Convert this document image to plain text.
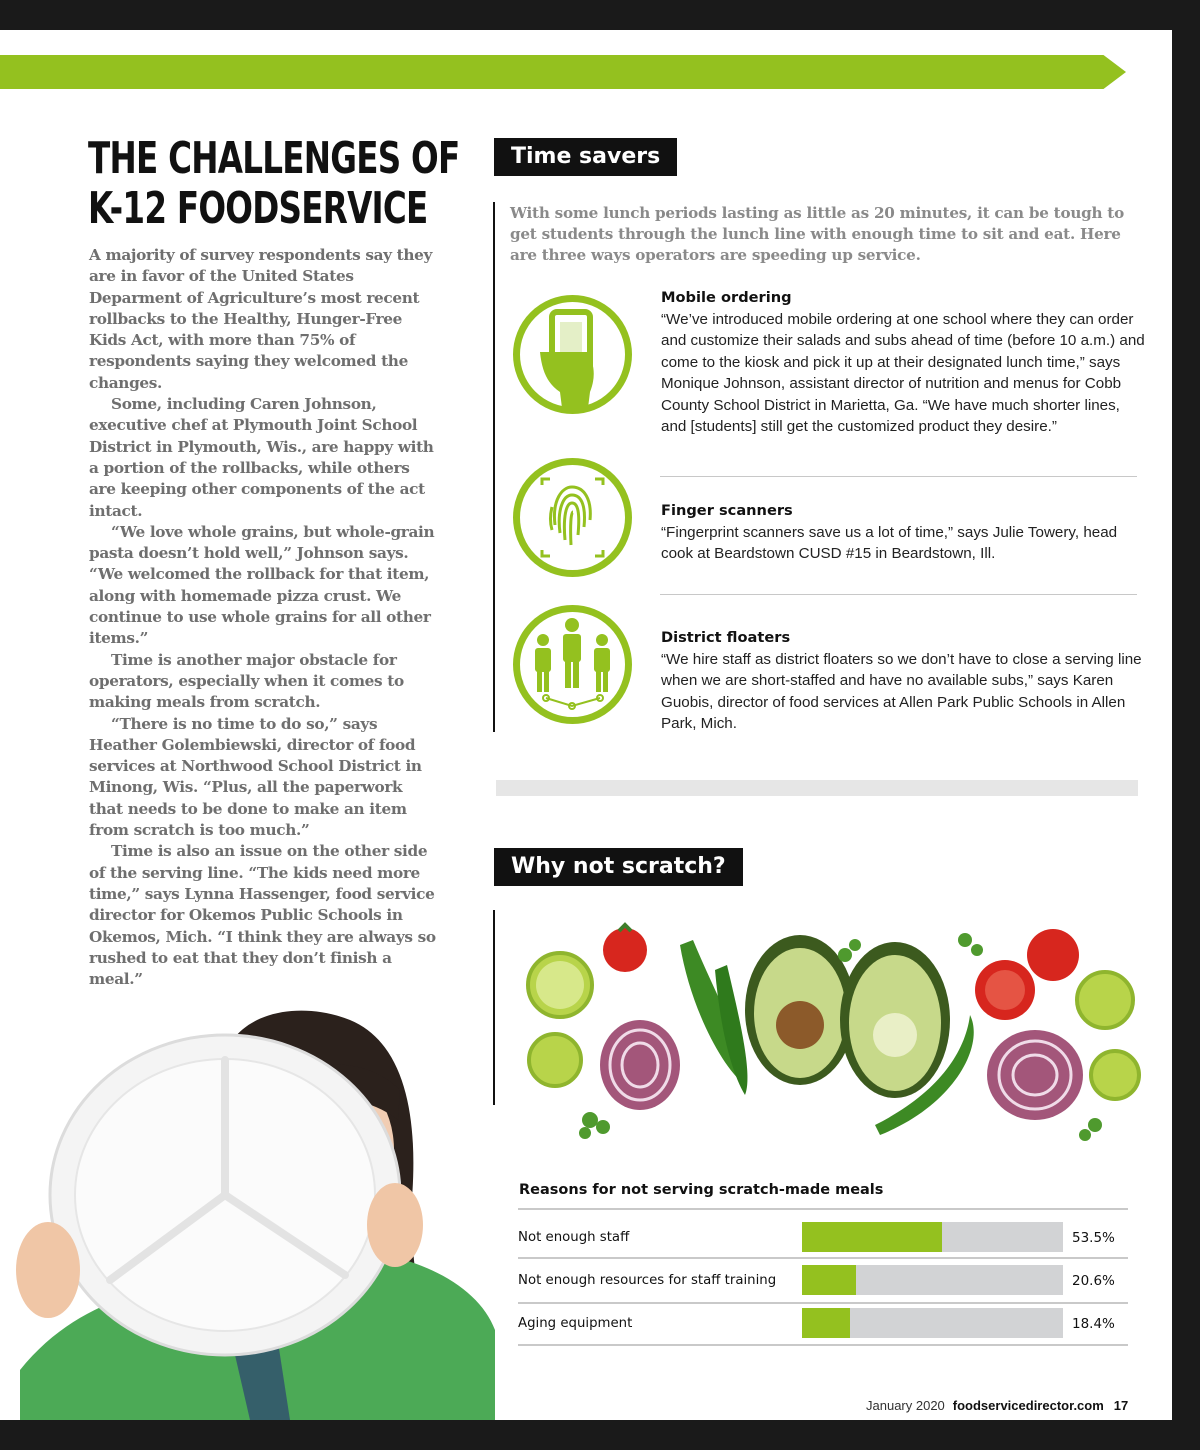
GETTING SQUEEZED
THE CHALLENGES OF
K-12 FOODSERVICE

A majority of survey respondents say they are in favor of the United States Deparment of Agriculture’s most recent rollbacks to the Healthy, Hunger-Free Kids Act, with more than 75% of respondents saying they welcomed the changes.

Some, including Caren Johnson, executive chef at Plymouth Joint School District in Plymouth, Wis., are happy with a portion of the rollbacks, while others are keeping other components of the act intact.

“We love whole grains, but whole-grain pasta doesn’t hold well,” Johnson says. “We welcomed the rollback for that item, along with homemade pizza crust. We continue to use whole grains for all other items.”

Time is another major obstacle for operators, especially when it comes to making meals from scratch.

“There is no time to do so,” says Heather Golembiewski, director of food services at Northwood School District in Minong, Wis. “Plus, all the paperwork that needs to be done to make an item from scratch is too much.”

Time is also an issue on the other side of the serving line. “The kids need more time,” says Lynna Hassenger, food service director for Okemos Public Schools in Okemos, Mich. “I think they are always so rushed to eat that they don’t finish a meal.”

Time savers
With some lunch periods lasting as little as 20 minutes, it can be tough to get students through the lunch line with enough time to sit and eat. Here are three ways operators are speeding up service.
Mobile ordering
“We’ve introduced mobile ordering at one school where they can order and customize their salads and subs ahead of time (before 10 a.m.) and come to the kiosk and pick it up at their designated lunch time,” says Monique Johnson, assistant director of nutrition and menus for Cobb County School District in Marietta, Ga. “We have much shorter lines, and [students] still get the customized product they desire.”
Finger scanners
“Fingerprint scanners save us a lot of time,” says Julie Towery, head cook at Beardstown CUSD #15 in Beardstown, Ill.
District floaters
“We hire staff as district floaters so we don’t have to close a serving line when we are short-staffed and have no available subs,” says Karen Guobis, director of food services at Allen Park Public Schools in Allen Park, Mich.
Why not scratch?
Reasons for not serving scratch-made meals
Not enough staff	53.5%
Not enough resources for staff training	20.6%
Aging equipment	18.4%
January 2020 foodservicedirector.com 17
